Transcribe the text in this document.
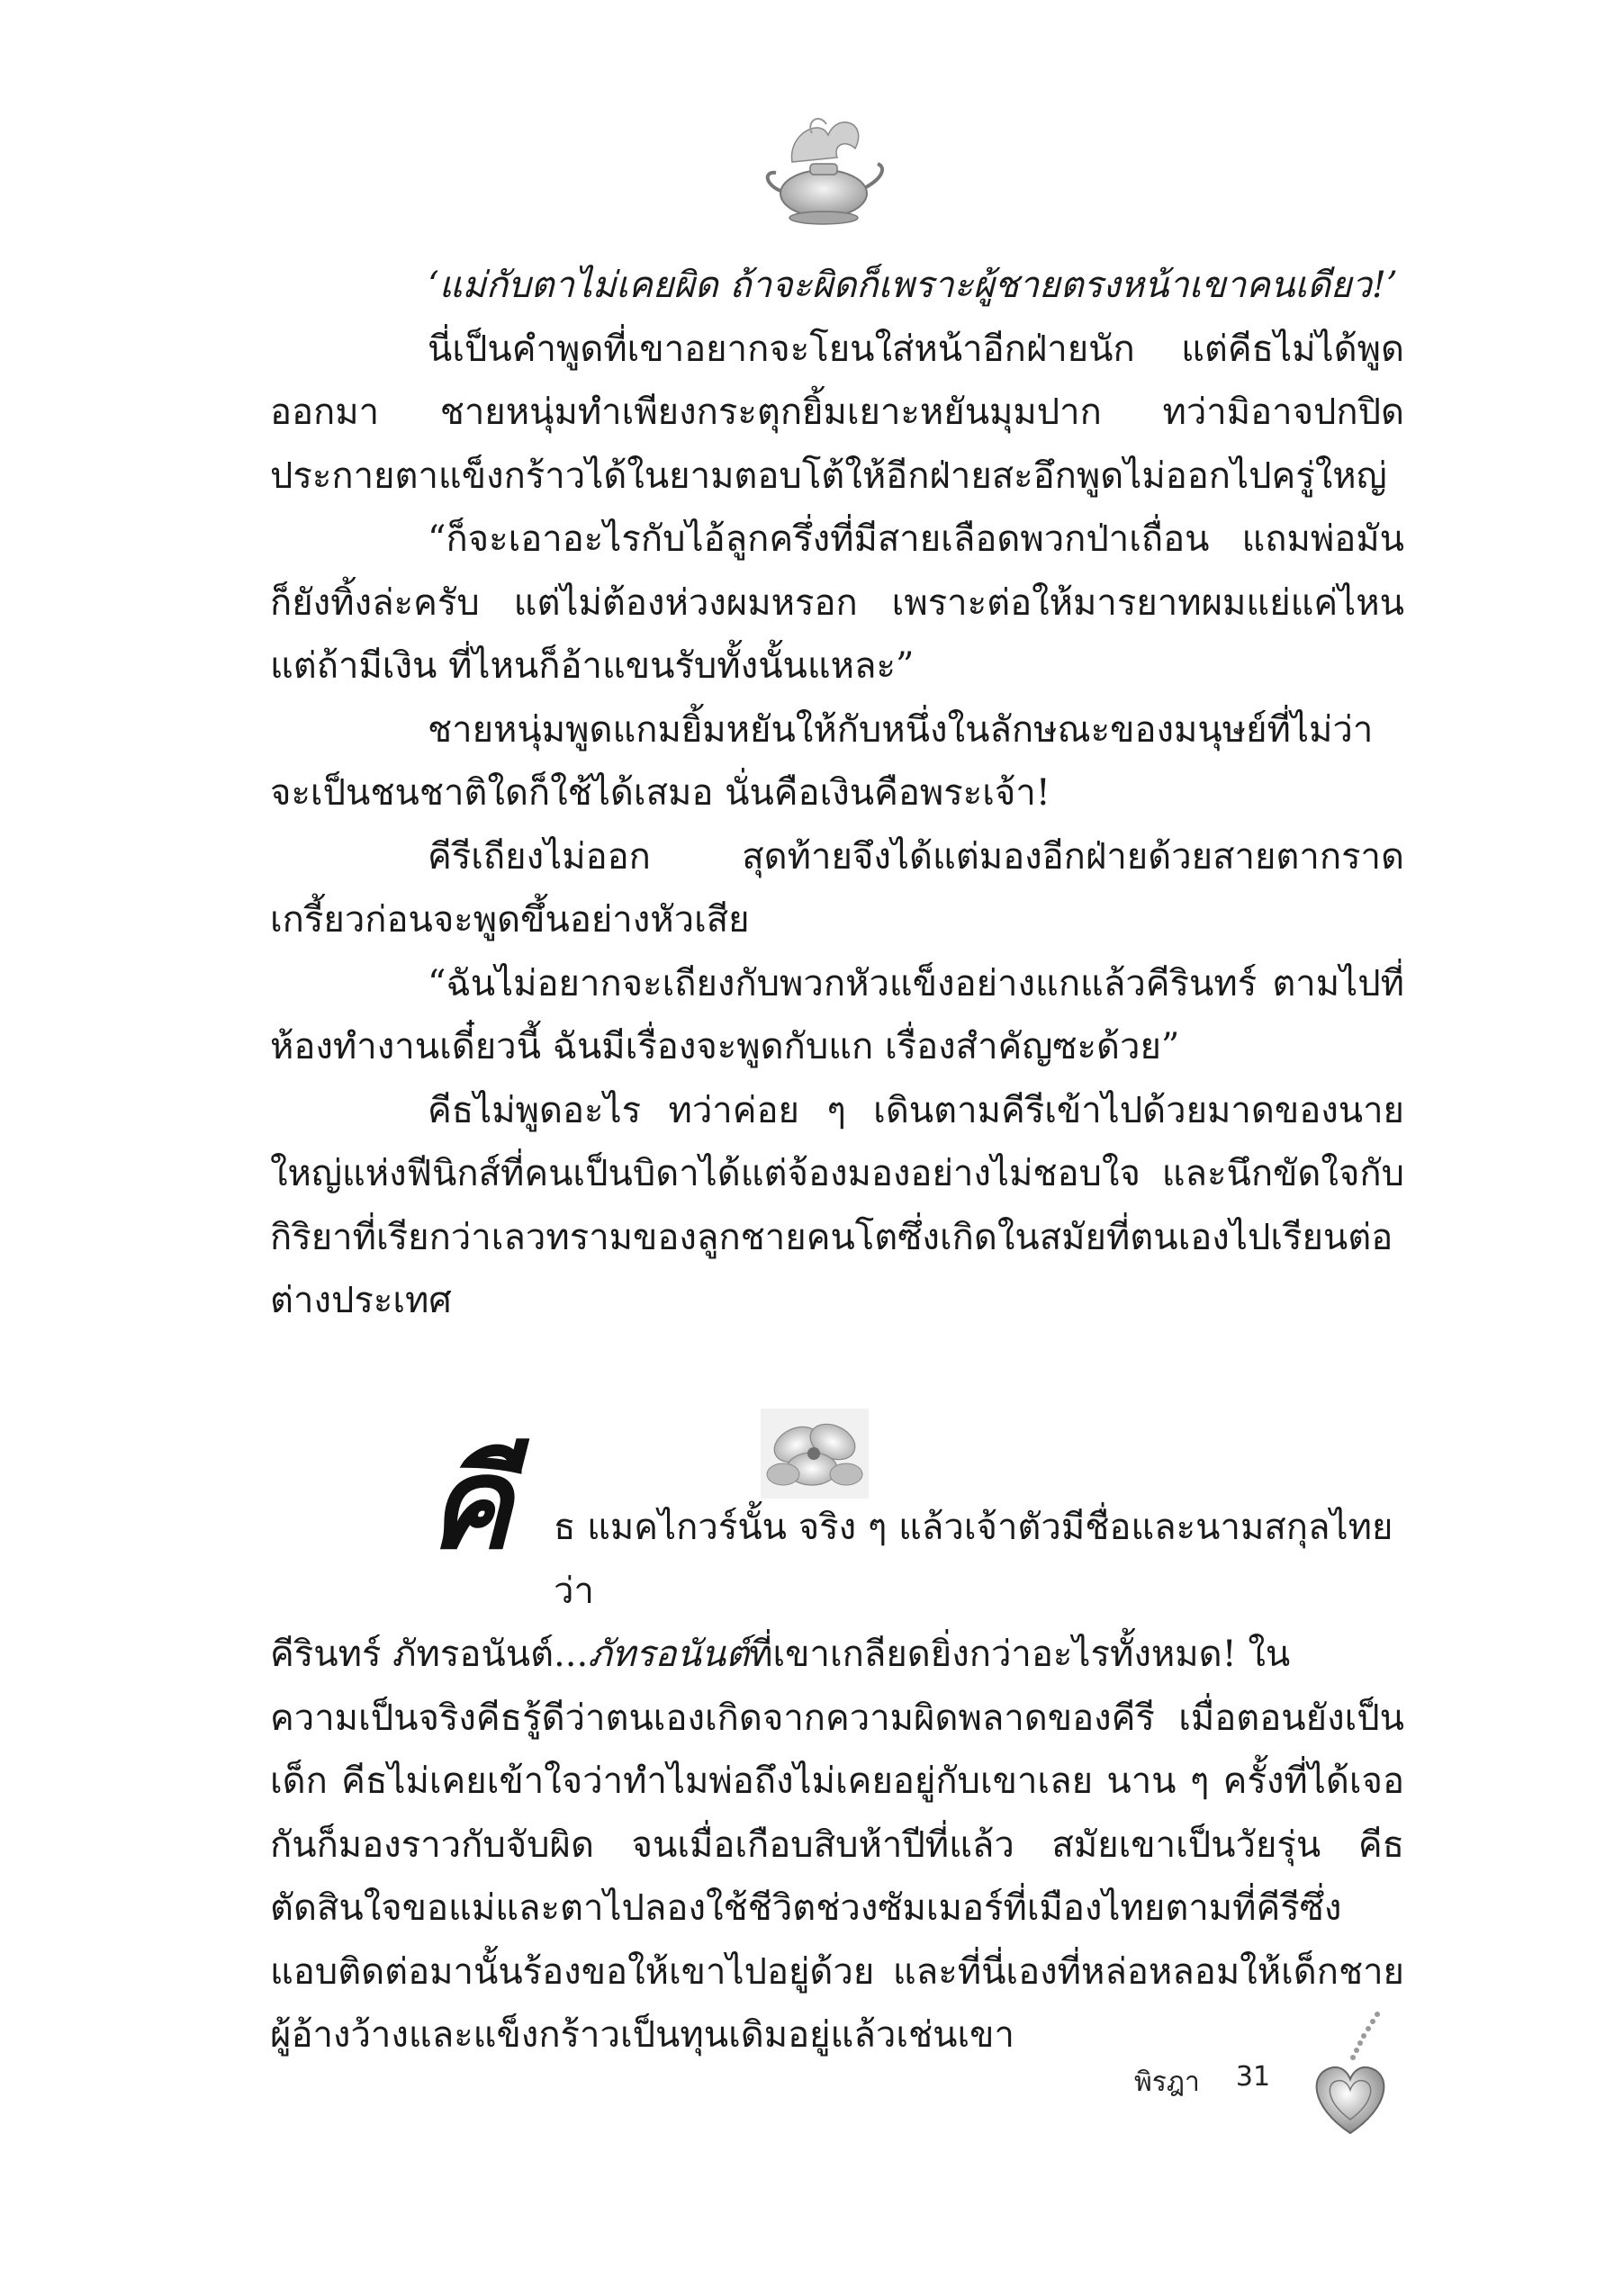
‘แม่กับตาไม่เคยผิด ถ้าจะผิดก็เพราะผู้ชายตรงหน้าเขาคนเดียว!’

นี่เป็นคำพูดที่เขาอยากจะโยนใส่หน้าอีกฝ่ายนัก แต่คีธไม่ได้พูดออกมา ชายหนุ่มทำเพียงกระตุกยิ้มเยาะหยันมุมปาก ทว่ามิอาจปกปิดประกายตาแข็งกร้าวได้ในยามตอบโต้ให้อีกฝ่ายสะอึกพูดไม่ออกไปครู่ใหญ่

“ก็จะเอาอะไรกับไอ้ลูกครึ่งที่มีสายเลือดพวกป่าเถื่อน แถมพ่อมันก็ยังทิ้งล่ะครับ แต่ไม่ต้องห่วงผมหรอก เพราะต่อให้มารยาทผมแย่แค่ไหน แต่ถ้ามีเงิน ที่ไหนก็อ้าแขนรับทั้งนั้นแหละ”

ชายหนุ่มพูดแกมยิ้มหยันให้กับหนึ่งในลักษณะของมนุษย์ที่ไม่ว่าจะเป็นชนชาติใดก็ใช้ได้เสมอ นั่นคือเงินคือพระเจ้า!

คีรีเถียงไม่ออก สุดท้ายจึงได้แต่มองอีกฝ่ายด้วยสายตากราดเกรี้ยวก่อนจะพูดขึ้นอย่างหัวเสีย

“ฉันไม่อยากจะเถียงกับพวกหัวแข็งอย่างแกแล้วคีรินทร์ ตามไปที่ห้องทำงานเดี๋ยวนี้ ฉันมีเรื่องจะพูดกับแก เรื่องสำคัญซะด้วย”

คีธไม่พูดอะไร ทว่าค่อย ๆ เดินตามคีรีเข้าไปด้วยมาดของนายใหญ่แห่งฟีนิกส์ที่คนเป็นบิดาได้แต่จ้องมองอย่างไม่ชอบใจ และนึกขัดใจกับกิริยาที่เรียกว่าเลวทรามของลูกชายคนโตซึ่งเกิดในสมัยที่ตนเองไปเรียนต่อต่างประเทศ

คี	ธ แมคไกวร์นั้น จริง ๆ แล้วเจ้าตัวมีชื่อและนามสกุลไทยว่า

คีรินทร์ ภัทรอนันต์...ภัทรอนันต์ที่เขาเกลียดยิ่งกว่าอะไรทั้งหมด! ใน

ความเป็นจริงคีธรู้ดีว่าตนเองเกิดจากความผิดพลาดของคีรี เมื่อตอนยังเป็นเด็ก คีธไม่เคยเข้าใจว่าทำไมพ่อถึงไม่เคยอยู่กับเขาเลย นาน ๆ ครั้งที่ได้เจอกันก็มองราวกับจับผิด จนเมื่อเกือบสิบห้าปีที่แล้ว สมัยเขาเป็นวัยรุ่น คีธตัดสินใจขอแม่และตาไปลองใช้ชีวิตช่วงซัมเมอร์ที่เมืองไทยตามที่คีรีซึ่งแอบติดต่อมานั้นร้องขอให้เขาไปอยู่ด้วย และที่นี่เองที่หล่อหลอมให้เด็กชายผู้อ้างว้างและแข็งกร้าวเป็นทุนเดิมอยู่แล้วเช่นเขา

พิรฎา 31
